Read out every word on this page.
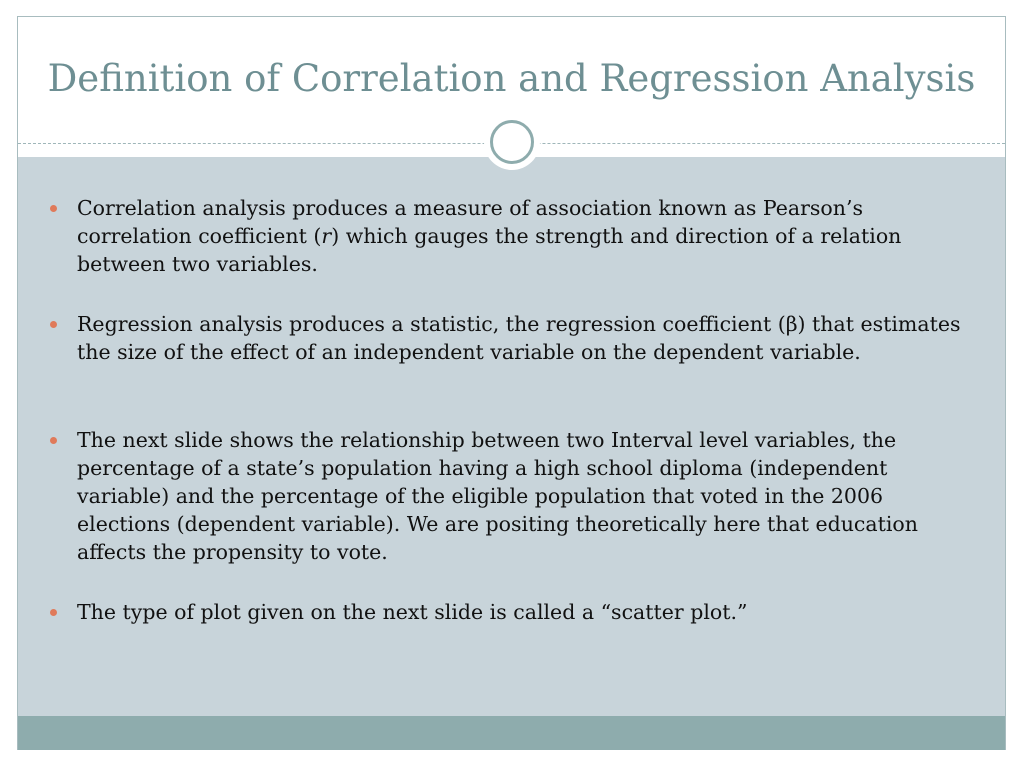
Definition of Correlation and Regression Analysis
Correlation analysis produces a measure of association known as Pearson’s correlation coefficient (r) which gauges the strength and direction of a relation between two variables.
Regression analysis produces a statistic, the regression coefficient (β) that estimates the size of the effect of an independent variable on the dependent variable.
The next slide shows the relationship between two Interval level variables, the percentage of a state’s population having a high school diploma (independent variable) and the percentage of the eligible population that voted in the 2006 elections (dependent variable). We are positing theoretically here that education affects the propensity to vote.
The type of plot given on the next slide is called a “scatter plot.”
